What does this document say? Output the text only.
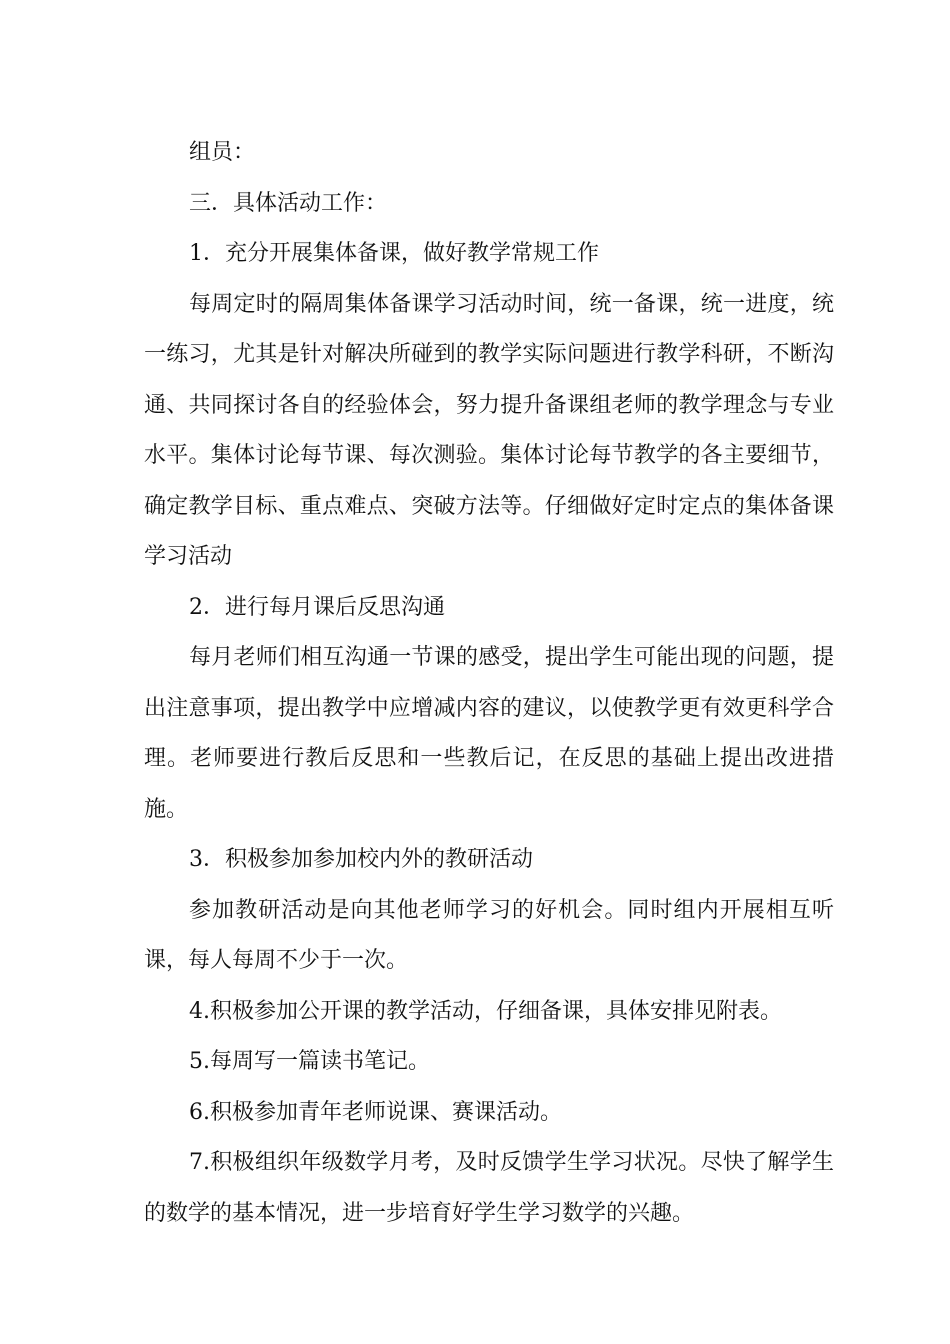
组员：

三．具体活动工作：

1．充分开展集体备课，做好教学常规工作

每周定时的隔周集体备课学习活动时间，统一备课，统一进度，统一练习，尤其是针对解决所碰到的教学实际问题进行教学科研，不断沟通、共同探讨各自的经验体会，努力提升备课组老师的教学理念与专业水平。集体讨论每节课、每次测验。集体讨论每节教学的各主要细节，确定教学目标、重点难点、突破方法等。仔细做好定时定点的集体备课学习活动

2．进行每月课后反思沟通

每月老师们相互沟通一节课的感受，提出学生可能出现的问题，提出注意事项，提出教学中应增减内容的建议，以使教学更有效更科学合理。老师要进行教后反思和一些教后记，在反思的基础上提出改进措施。

3．积极参加参加校内外的教研活动

参加教研活动是向其他老师学习的好机会。同时组内开展相互听课，每人每周不少于一次。

4.积极参加公开课的教学活动，仔细备课，具体安排见附表。

5.每周写一篇读书笔记。

6.积极参加青年老师说课、赛课活动。

7.积极组织年级数学月考，及时反馈学生学习状况。尽快了解学生的数学的基本情况，进一步培育好学生学习数学的兴趣。
